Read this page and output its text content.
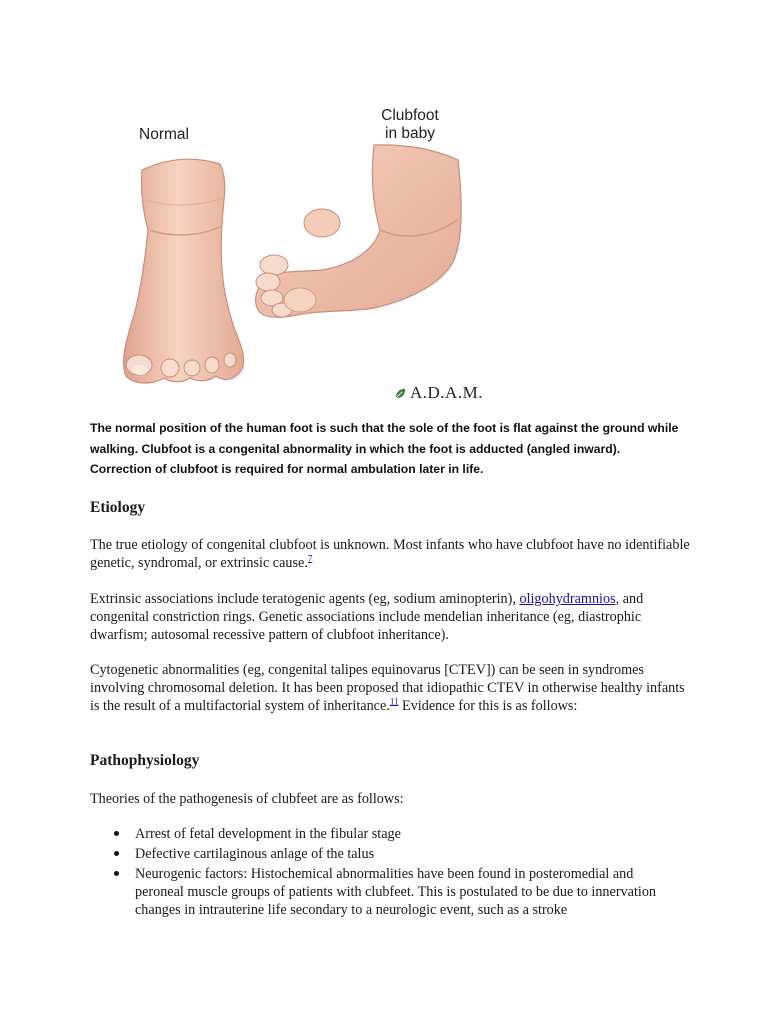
Normal
Clubfoot
in baby
A.D.A.M.

The normal position of the human foot is such that the sole of the foot is flat against the ground while walking. Clubfoot is a congenital abnormality in which the foot is adducted (angled inward). Correction of clubfoot is required for normal ambulation later in life.

Etiology

The true etiology of congenital clubfoot is unknown. Most infants who have clubfoot have no identifiable genetic, syndromal, or extrinsic cause.$^7$

Extrinsic associations include teratogenic agents (eg, sodium aminopterin), oligohydramnios, and congenital constriction rings. Genetic associations include mendelian inheritance (eg, diastrophic dwarfism; autosomal recessive pattern of clubfoot inheritance).

Cytogenetic abnormalities (eg, congenital talipes equinovarus [CTEV]) can be seen in syndromes involving chromosomal deletion. It has been proposed that idiopathic CTEV in otherwise healthy infants is the result of a multifactorial system of inheritance.$^{11}$ Evidence for this is as follows:

Pathophysiology

Theories of the pathogenesis of clubfeet are as follows:

Arrest of fetal development in the fibular stage
Defective cartilaginous anlage of the talus
Neurogenic factors: Histochemical abnormalities have been found in posteromedial and peroneal muscle groups of patients with clubfeet. This is postulated to be due to innervation changes in intrauterine life secondary to a neurologic event, such as a stroke
